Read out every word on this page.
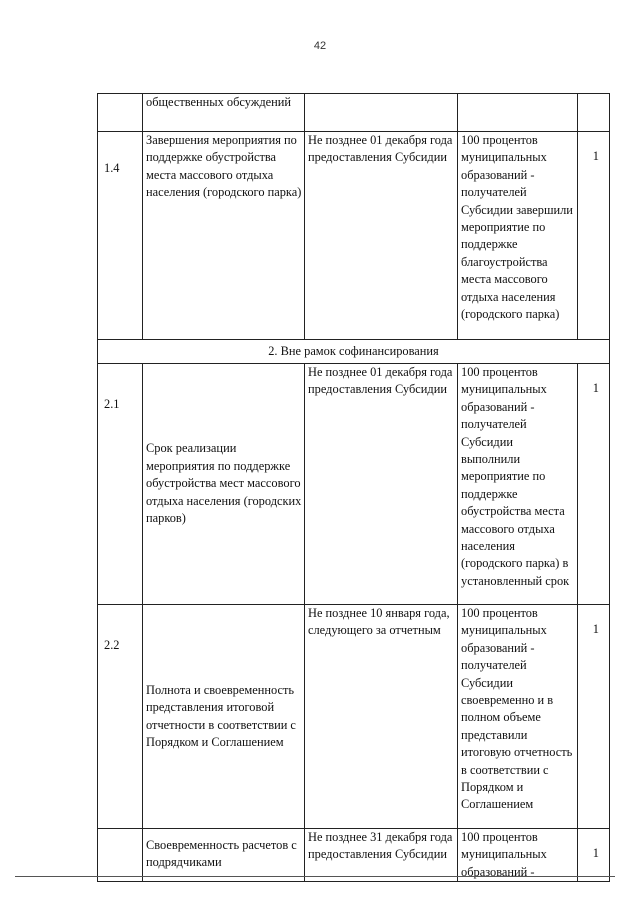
42
	общественных обсуждений			
1.4	Завершения мероприятия по поддержке обустройства места массового отдыха населения (городского парка)	Не позднее 01 декабря года предоставления Субсидии	100 процентов муниципальных образований - получателей Субсидии завершили мероприятие по поддержке благоустройства места массового отдыха населения (городского парка)	1
2. Вне рамок софинансирования				
2.1	Срок реализации мероприятия по поддержке обустройства мест массового отдыха населения (городских парков)	Не позднее 01 декабря года предоставления Субсидии	100 процентов муниципальных образований - получателей Субсидии выполнили мероприятие по поддержке обустройства места массового отдыха населения (городского парка) в установленный срок	1
2.2	Полнота и своевременность представления итоговой отчетности в соответствии с Порядком и Соглашением	Не позднее 10 января года, следующего за отчетным	100 процентов муниципальных образований - получателей Субсидии своевременно и в полном объеме представили итоговую отчетность в соответствии с Порядком и Соглашением	1
	Своевременность расчетов с подрядчиками	Не позднее 31 декабря года предоставления Субсидии	100 процентов муниципальных образований -	1
